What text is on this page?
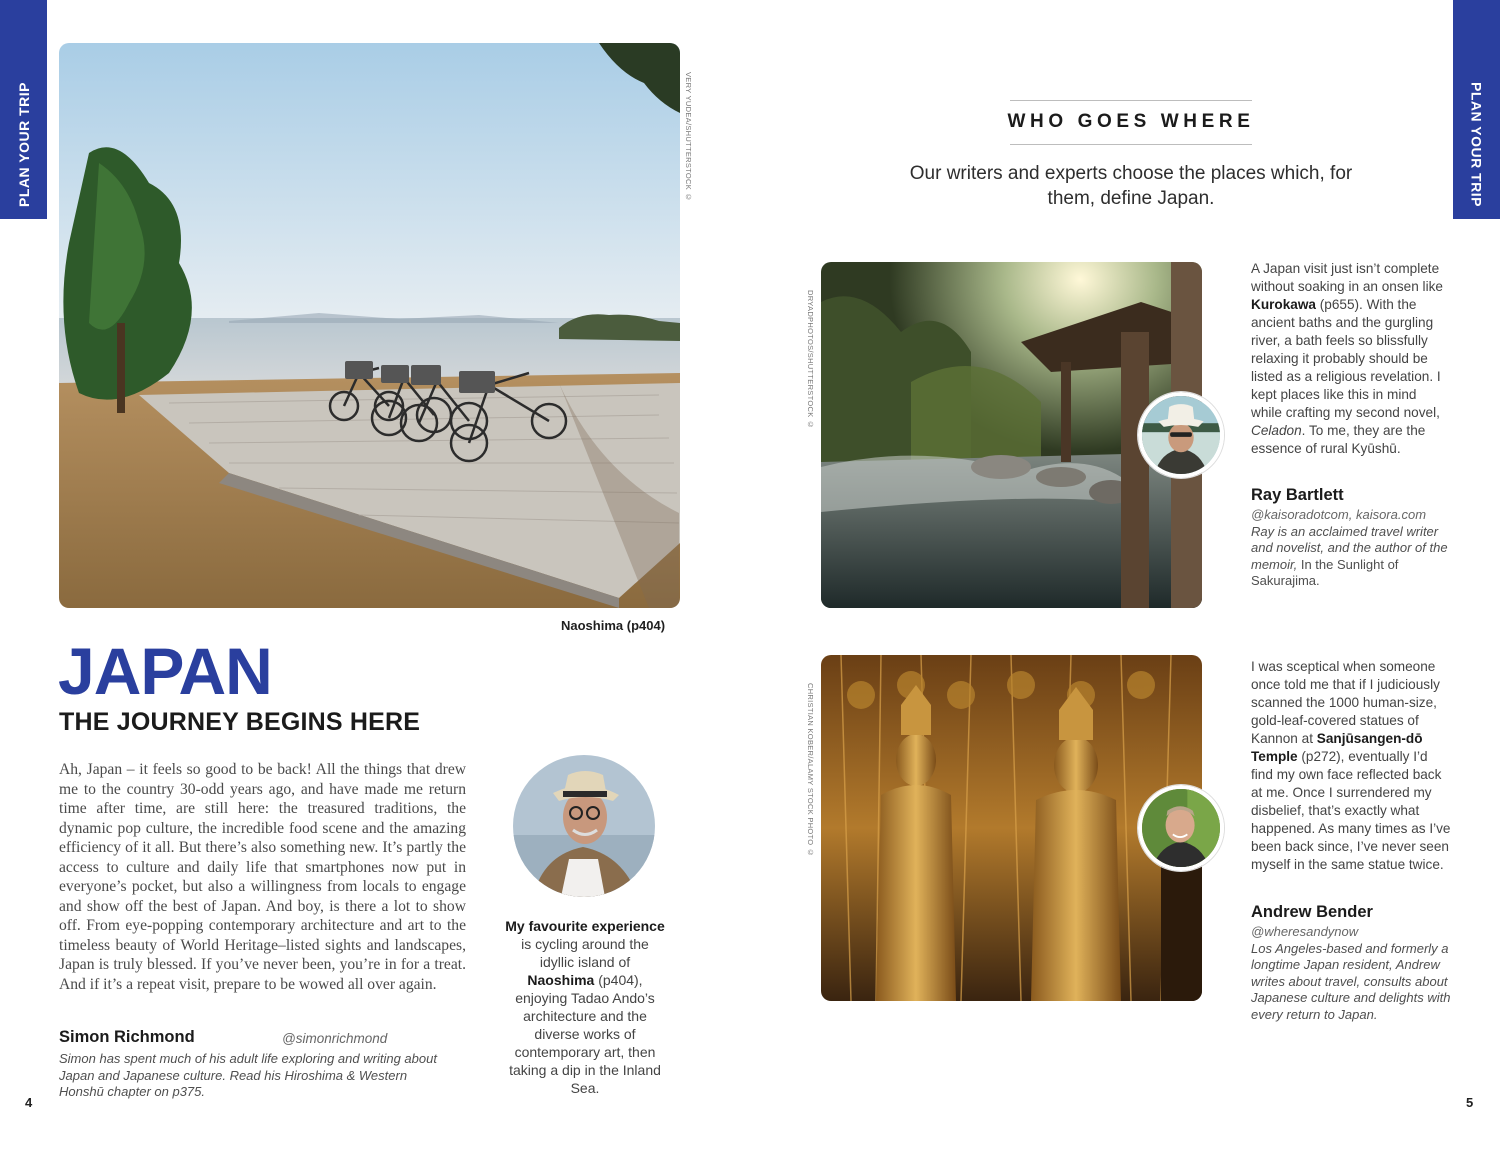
PLAN YOUR TRIP	PLAN YOUR TRIP
VERY YUDEA/SHUTTERSTOCK ©
Naoshima (p404)
JAPAN
THE JOURNEY BEGINS HERE
Ah, Japan – it feels so good to be back! All the things that drew me to the country 30-odd years ago, and have made me return time after time, are still here: the treasured traditions, the dynamic pop culture, the incredible food scene and the amazing efficiency of it all. But there’s also something new. It’s partly the access to culture and daily life that smartphones now put in everyone’s pocket, but also a willingness from locals to engage and show off the best of Japan. And boy, is there a lot to show off. From eye-popping contemporary architecture and art to the timeless beauty of World Heritage–listed sights and landscapes, Japan is truly blessed. If you’ve never been, you’re in for a treat. And if it’s a repeat visit, prepare to be wowed all over again.
Simon Richmond	@simonrichmond
Simon has spent much of his adult life exploring and writing about Japan and Japanese culture. Read his Hiroshima & Western Honshū chapter on p375.
My favourite experience is cycling around the idyllic island of Naoshima (p404), enjoying Tadao Ando’s architecture and the diverse works of contemporary art, then taking a dip in the Inland Sea.
4
WHO GOES WHERE
Our writers and experts choose the places which, for them, define Japan.
DRYADPHOTOS/SHUTTERSTOCK ©
A Japan visit just isn’t complete without soaking in an onsen like Kurokawa (p655). With the ancient baths and the gurgling river, a bath feels so blissfully relaxing it probably should be listed as a religious revelation. I kept places like this in mind while crafting my second novel, Celadon. To me, they are the essence of rural Kyūshū.
Ray Bartlett
@kaisoradotcom, kaisora.com
Ray is an acclaimed travel writer and novelist, and the author of the memoir, In the Sunlight of Sakurajima.
CHRISTIAN KOBER/ALAMY STOCK PHOTO ©
I was sceptical when someone once told me that if I judiciously scanned the 1000 human-size, gold-leaf-covered statues of Kannon at Sanjūsangen-dō Temple (p272), eventually I’d find my own face reflected back at me. Once I surrendered my disbelief, that’s exactly what happened. As many times as I’ve been back since, I’ve never seen myself in the same statue twice.
Andrew Bender
@wheresandynow
Los Angeles-based and formerly a longtime Japan resident, Andrew writes about travel, consults about Japanese culture and delights with every return to Japan.
5
